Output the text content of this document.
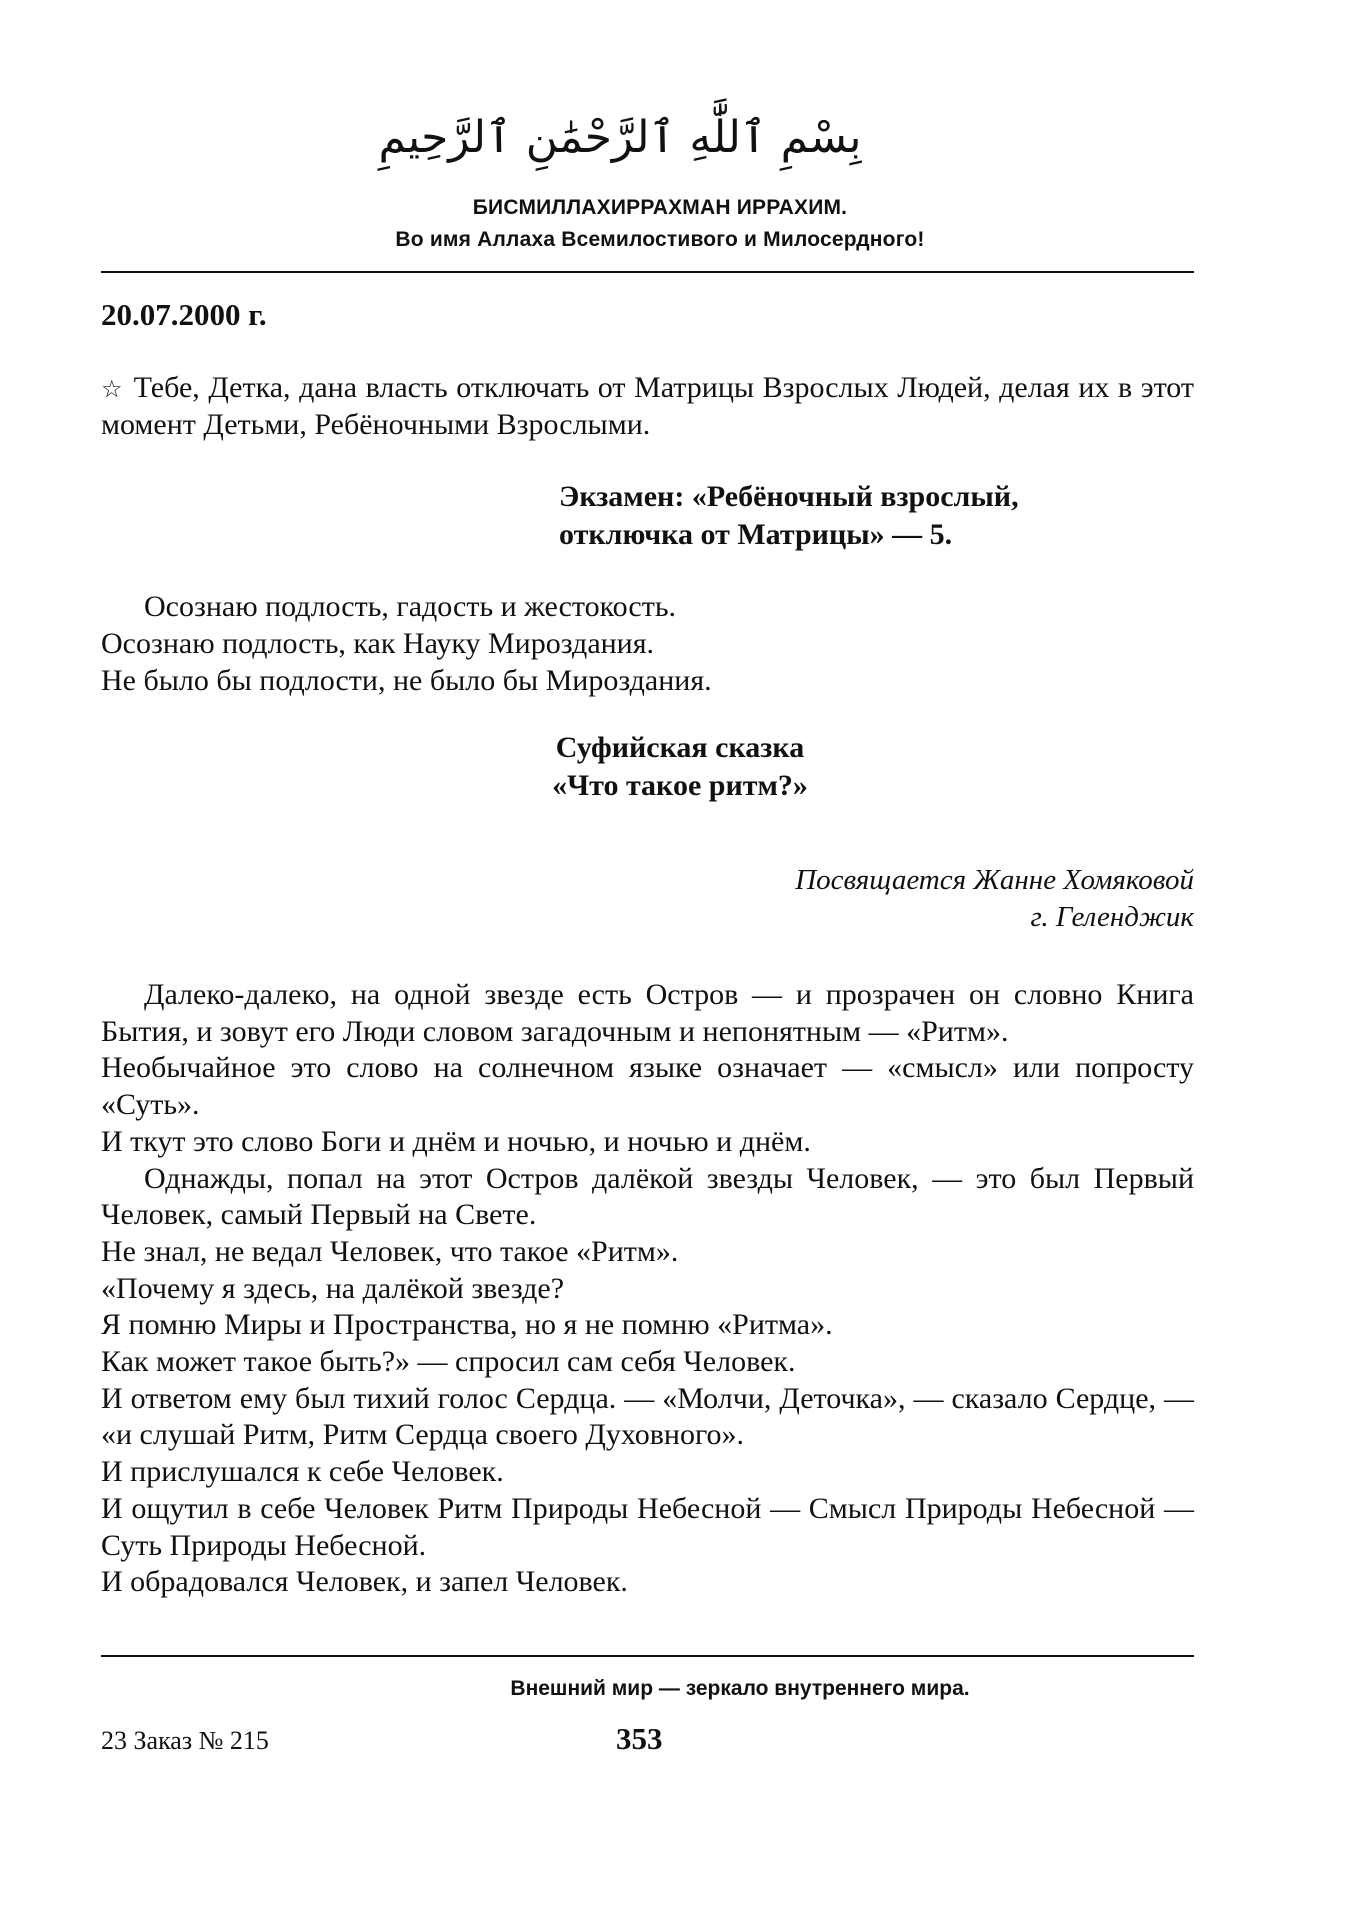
بِسْمِ ٱللَّٰهِ ٱلرَّحْمَٰنِ ٱلرَّحِيمِ
БИСМИЛЛАХИРРАХМАН ИРРАХИМ.
Во имя Аллаха Всемилостивого и Милосердного!
20.07.2000 г.

☆ Тебе, Детка, дана власть отключать от Матрицы Взрослых Людей, делая их в этот момент Детьми, Ребёночными Взрослыми.

Экзамен: «Ребёночный взрослый,
отключка от Матрицы» — 5.
Осознаю подлость, гадость и жестокость.
Осознаю подлость, как Науку Мироздания.
Не было бы подлости, не было бы Мироздания.
Суфийская сказка
«Что такое ритм?»
Посвящается Жанне Хомяковой
г. Геленджик

Далеко-далеко, на одной звезде есть Остров — и прозрачен он словно Книга Бытия, и зовут его Люди словом загадочным и непонятным — «Ритм».

Необычайное это слово на солнечном языке означает — «смысл» или попросту «Суть».

И ткут это слово Боги и днём и ночью, и ночью и днём.

Однажды, попал на этот Остров далёкой звезды Человек, — это был Первый Человек, самый Первый на Свете.

Не знал, не ведал Человек, что такое «Ритм».

«Почему я здесь, на далёкой звезде?

Я помню Миры и Пространства, но я не помню «Ритма».

Как может такое быть?» — спросил сам себя Человек.

И ответом ему был тихий голос Сердца. — «Молчи, Деточка», — сказало Сердце, — «и слушай Ритм, Ритм Сердца своего Духовного».

И прислушался к себе Человек.

И ощутил в себе Человек Ритм Природы Небесной — Смысл Природы Небесной — Суть Природы Небесной.

И обрадовался Человек, и запел Человек.

Внешний мир — зеркало внутреннего мира.
23 Заказ № 215	353
